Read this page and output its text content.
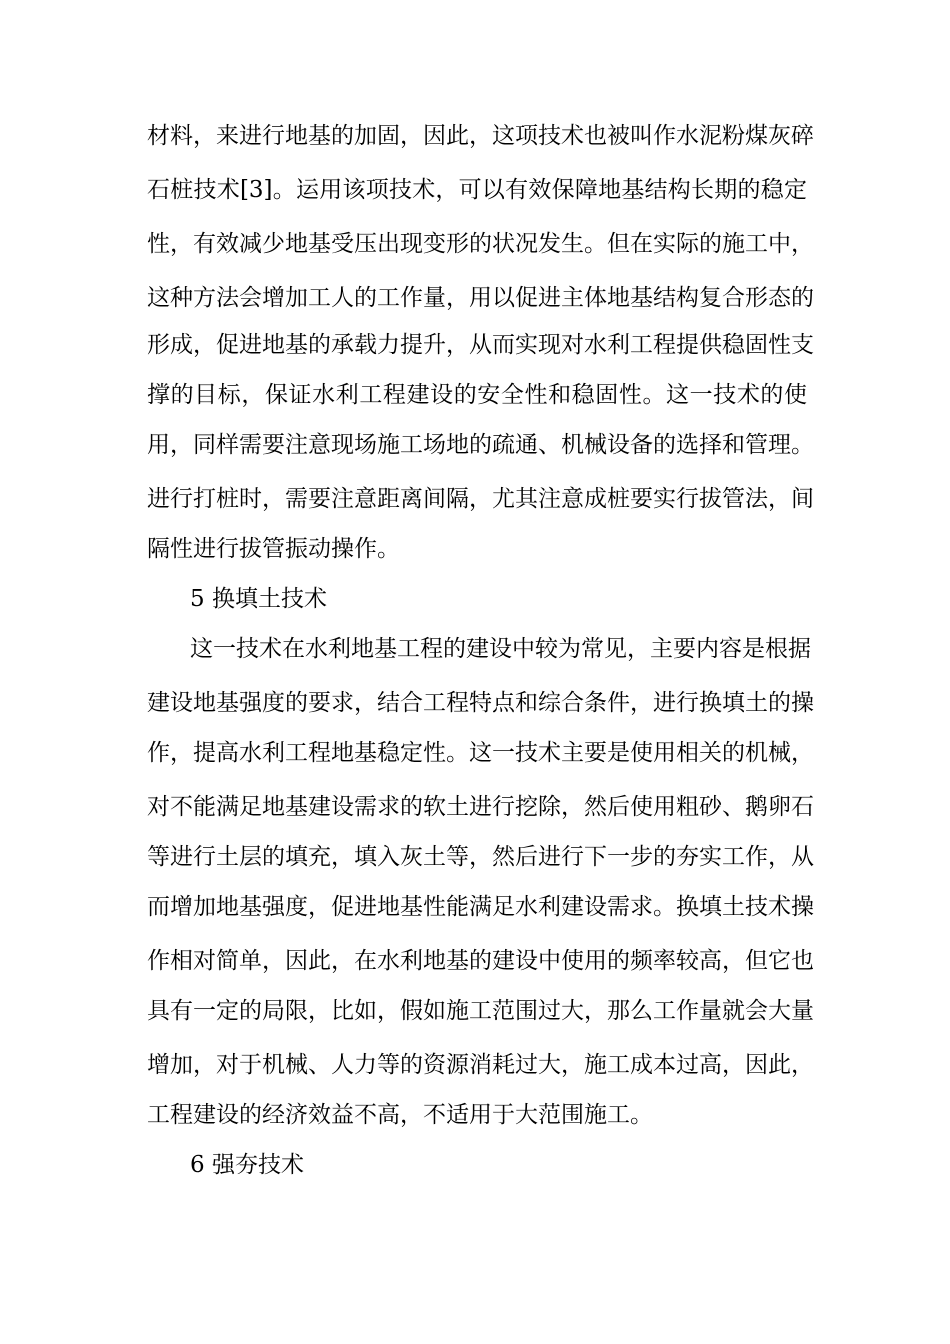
材料，来进行地基的加固，因此，这项技术也被叫作水泥粉煤灰碎
石桩技术[3]。运用该项技术，可以有效保障地基结构长期的稳定
性，有效减少地基受压出现变形的状况发生。但在实际的施工中，
这种方法会增加工人的工作量，用以促进主体地基结构复合形态的
形成，促进地基的承载力提升，从而实现对水利工程提供稳固性支
撑的目标，保证水利工程建设的安全性和稳固性。这一技术的使
用，同样需要注意现场施工场地的疏通、机械设备的选择和管理。
进行打桩时，需要注意距离间隔，尤其注意成桩要实行拔管法，间
隔性进行拔管振动操作。
5 换填土技术
这一技术在水利地基工程的建设中较为常见，主要内容是根据
建设地基强度的要求，结合工程特点和综合条件，进行换填土的操
作，提高水利工程地基稳定性。这一技术主要是使用相关的机械，
对不能满足地基建设需求的软土进行挖除，然后使用粗砂、鹅卵石
等进行土层的填充，填入灰土等，然后进行下一步的夯实工作，从
而增加地基强度，促进地基性能满足水利建设需求。换填土技术操
作相对简单，因此，在水利地基的建设中使用的频率较高，但它也
具有一定的局限，比如，假如施工范围过大，那么工作量就会大量
增加，对于机械、人力等的资源消耗过大，施工成本过高，因此，
工程建设的经济效益不高，不适用于大范围施工。
6 强夯技术
